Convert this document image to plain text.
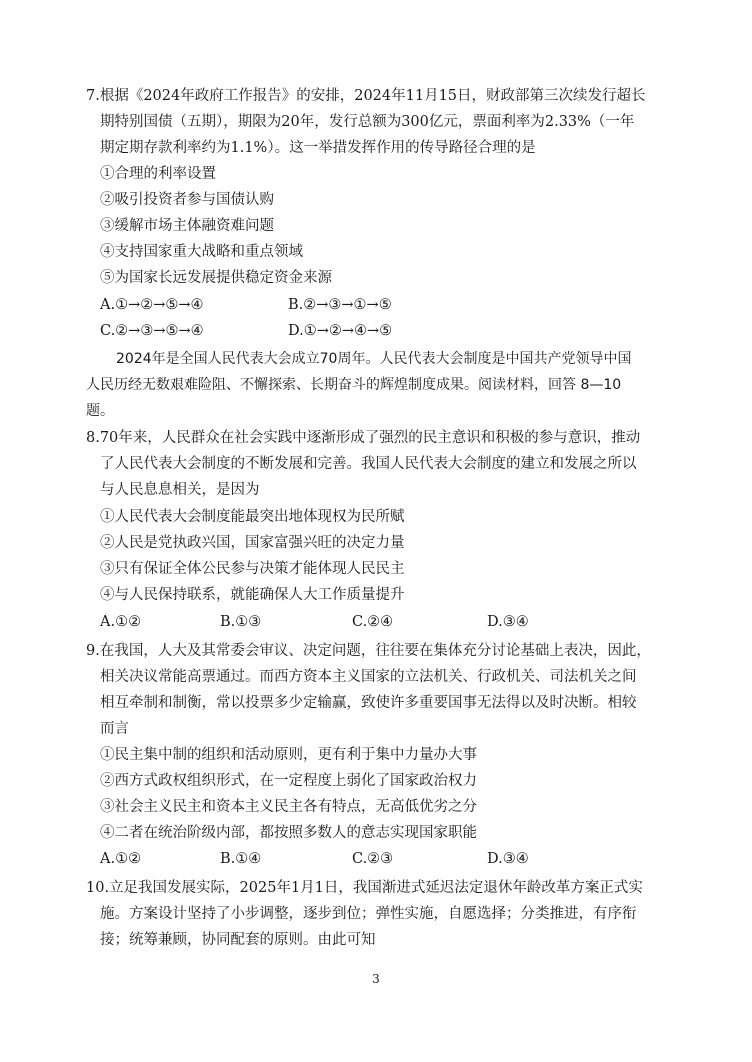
7.根据《2024年政府工作报告》的安排，2024年11月15日，财政部第三次续发行超长
期特别国债（五期），期限为20年，发行总额为300亿元，票面利率为2.33%（一年
期定期存款利率约为1.1%）。这一举措发挥作用的传导路径合理的是
①合理的利率设置
②吸引投资者参与国债认购
③缓解市场主体融资难问题
④支持国家重大战略和重点领域
⑤为国家长远发展提供稳定资金来源
A.①→②→⑤→④	B.②→③→①→⑤
C.②→③→⑤→④	D.①→②→④→⑤
2024年是全国人民代表大会成立70周年。人民代表大会制度是中国共产党领导中国
人民历经无数艰难险阻、不懈探索、长期奋斗的辉煌制度成果。阅读材料，回答 8—10
题。
8.70年来，人民群众在社会实践中逐渐形成了强烈的民主意识和积极的参与意识，推动
了人民代表大会制度的不断发展和完善。我国人民代表大会制度的建立和发展之所以
与人民息息相关，是因为
①人民代表大会制度能最突出地体现权为民所赋
②人民是党执政兴国，国家富强兴旺的决定力量
③只有保证全体公民参与决策才能体现人民民主
④与人民保持联系，就能确保人大工作质量提升
A.①②	B.①③	C.②④	D.③④
9.在我国，人大及其常委会审议、决定问题，往往要在集体充分讨论基础上表决，因此，
相关决议常能高票通过。而西方资本主义国家的立法机关、行政机关、司法机关之间
相互牵制和制衡，常以投票多少定输赢，致使许多重要国事无法得以及时决断。相较
而言
①民主集中制的组织和活动原则，更有利于集中力量办大事
②西方式政权组织形式，在一定程度上弱化了国家政治权力
③社会主义民主和资本主义民主各有特点，无高低优劣之分
④二者在统治阶级内部，都按照多数人的意志实现国家职能
A.①②	B.①④	C.②③	D.③④
10.立足我国发展实际，2025年1月1日，我国渐进式延迟法定退休年龄改革方案正式实
施。方案设计坚持了小步调整，逐步到位；弹性实施，自愿选择；分类推进，有序衔
接；统筹兼顾，协同配套的原则。由此可知
3
